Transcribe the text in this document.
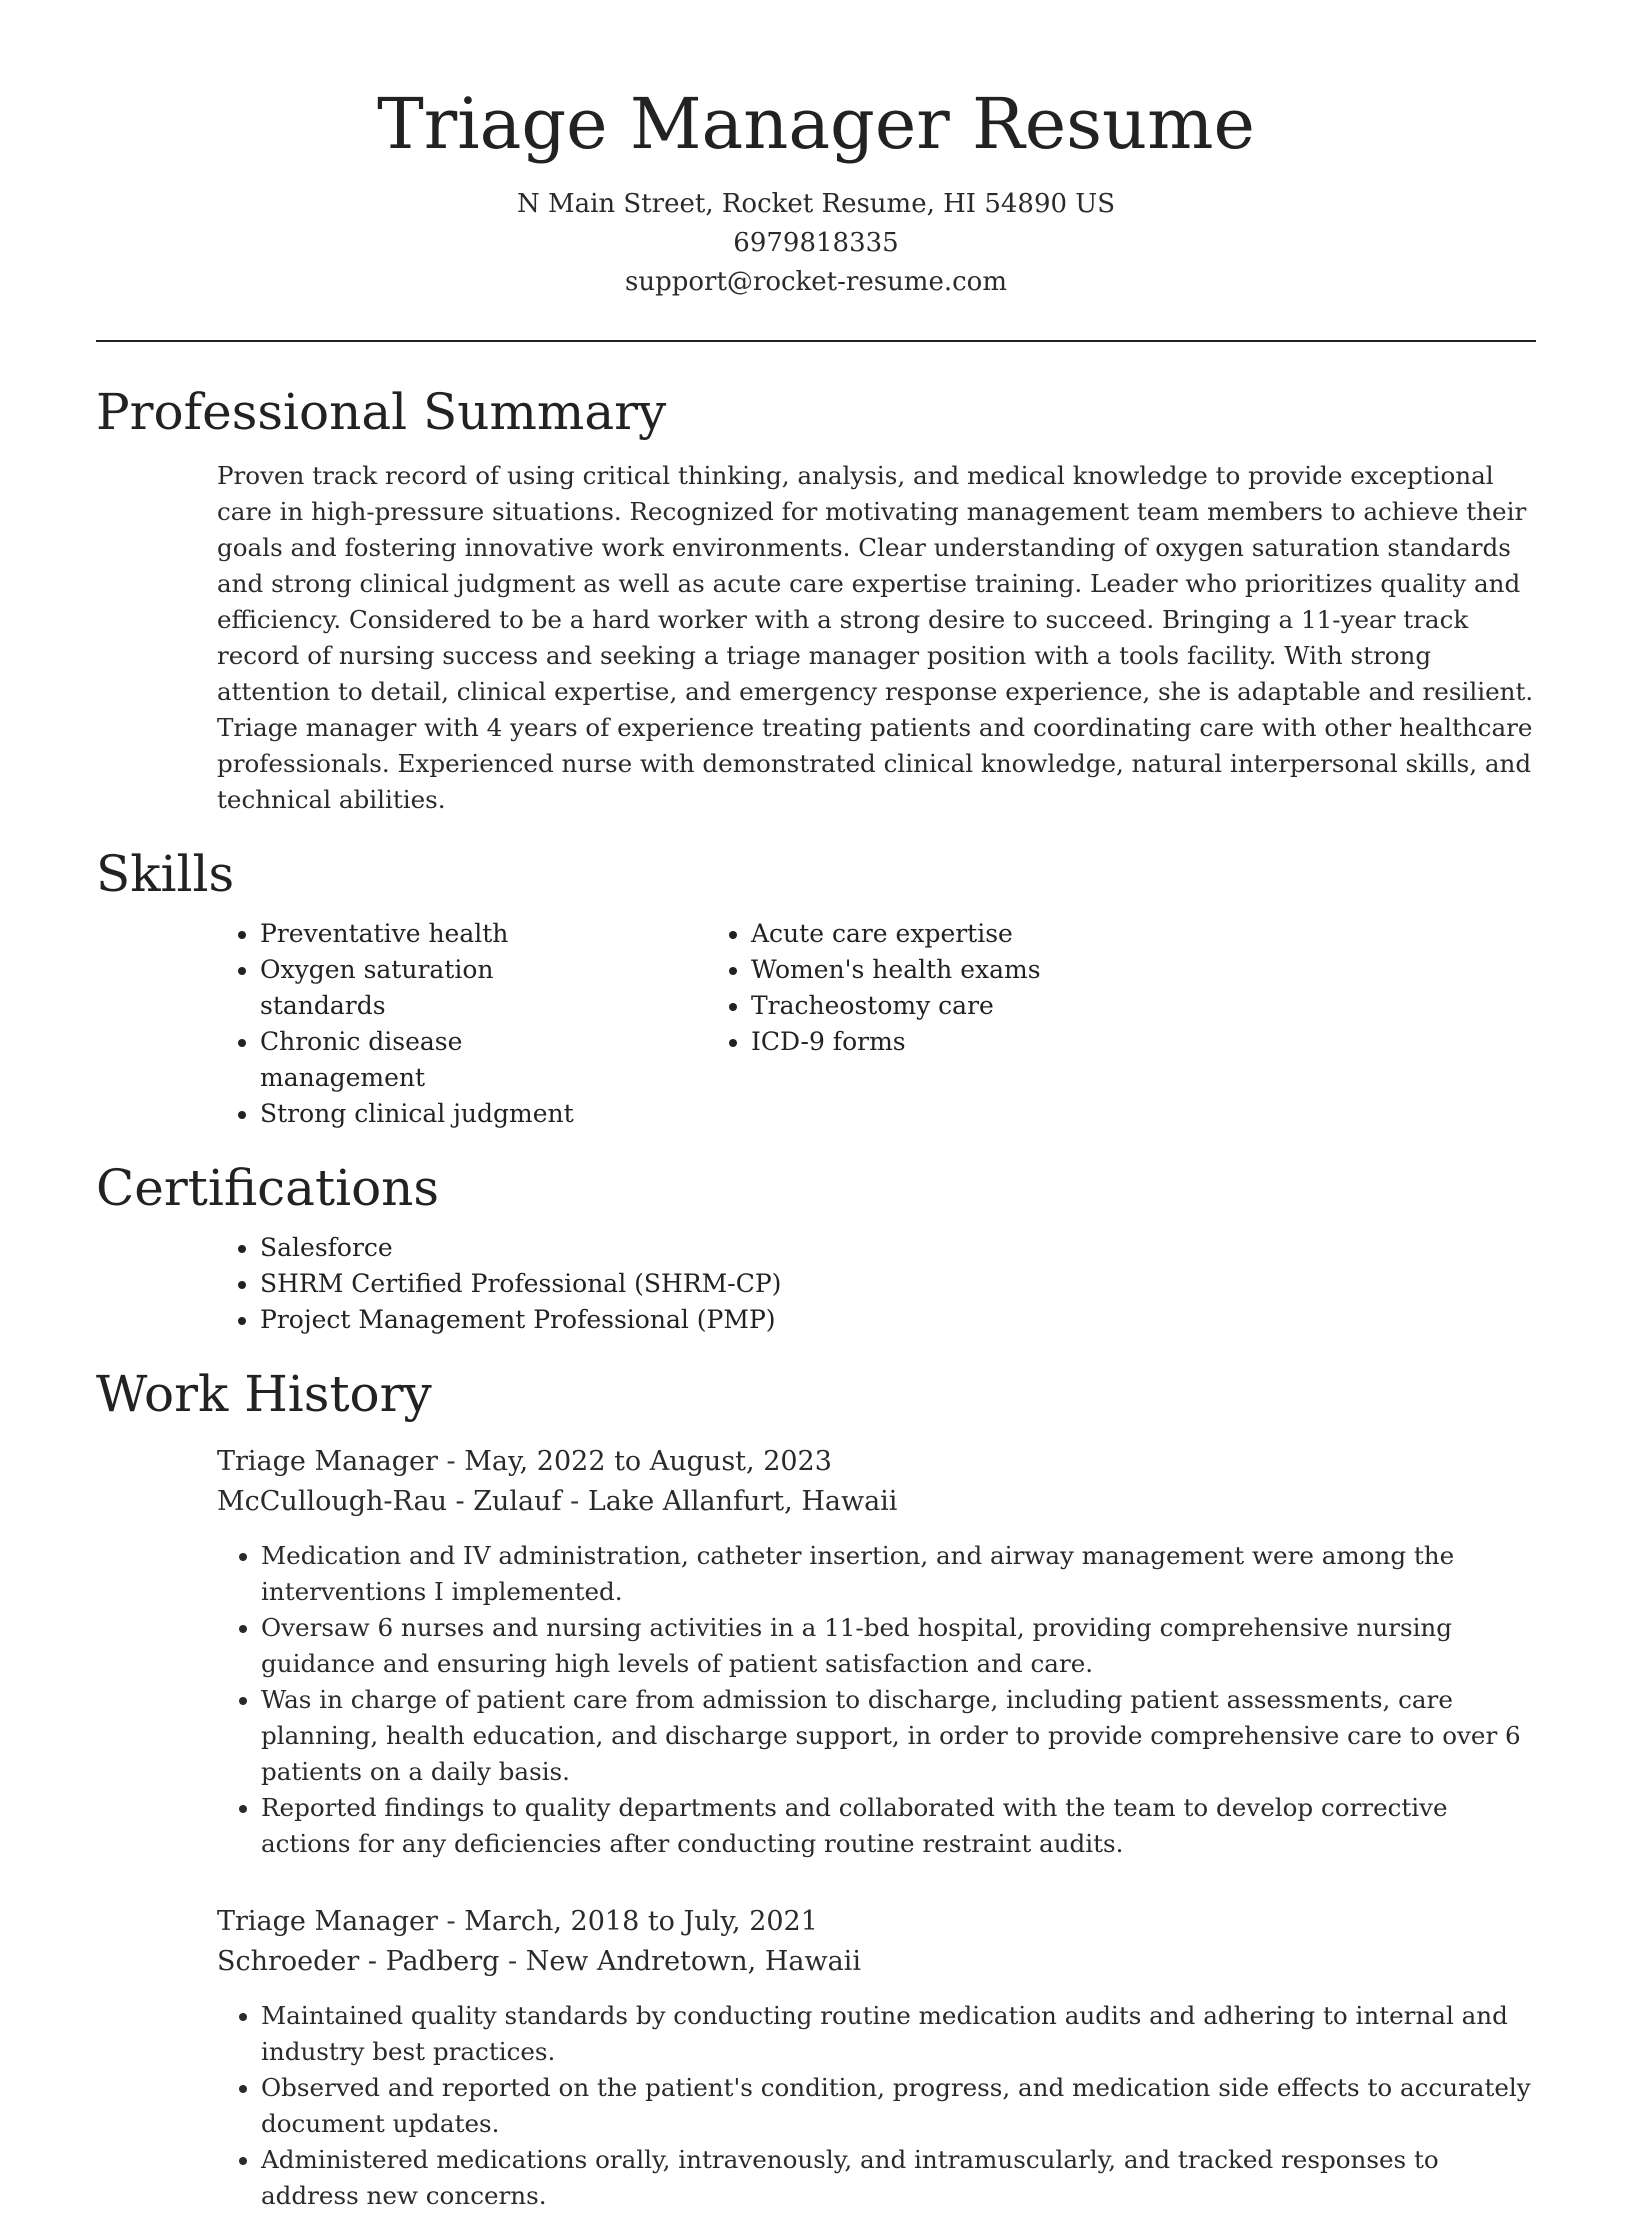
Triage Manager Resume
N Main Street, Rocket Resume, HI 54890 US
6979818335
support@rocket-resume.com
Professional Summary

Proven track record of using critical thinking, analysis, and medical knowledge to provide exceptional care in high-pressure situations. Recognized for motivating management team members to achieve their goals and fostering innovative work environments. Clear understanding of oxygen saturation standards and strong clinical judgment as well as acute care expertise training. Leader who prioritizes quality and efficiency. Considered to be a hard worker with a strong desire to succeed. Bringing a 11-year track record of nursing success and seeking a triage manager position with a tools facility. With strong attention to detail, clinical expertise, and emergency response experience, she is adaptable and resilient. Triage manager with 4 years of experience treating patients and coordinating care with other healthcare professionals. Experienced nurse with demonstrated clinical knowledge, natural interpersonal skills, and technical abilities.

Skills
• Preventative health
• Oxygen saturation standards
• Chronic disease management
• Strong clinical judgment
• Acute care expertise
• Women's health exams
• Tracheostomy care
• ICD-9 forms
Certifications
• Salesforce
• SHRM Certified Professional (SHRM-CP)
• Project Management Professional (PMP)
Work History
Triage Manager - May, 2022 to August, 2023
McCullough-Rau - Zulauf - Lake Allanfurt, Hawaii
• Medication and IV administration, catheter insertion, and airway management were among the interventions I implemented.
• Oversaw 6 nurses and nursing activities in a 11-bed hospital, providing comprehensive nursing guidance and ensuring high levels of patient satisfaction and care.
• Was in charge of patient care from admission to discharge, including patient assessments, care planning, health education, and discharge support, in order to provide comprehensive care to over 6 patients on a daily basis.
• Reported findings to quality departments and collaborated with the team to develop corrective actions for any deficiencies after conducting routine restraint audits.
Triage Manager - March, 2018 to July, 2021
Schroeder - Padberg - New Andretown, Hawaii
• Maintained quality standards by conducting routine medication audits and adhering to internal and industry best practices.
• Observed and reported on the patient's condition, progress, and medication side effects to accurately document updates.
• Administered medications orally, intravenously, and intramuscularly, and tracked responses to address new concerns.
